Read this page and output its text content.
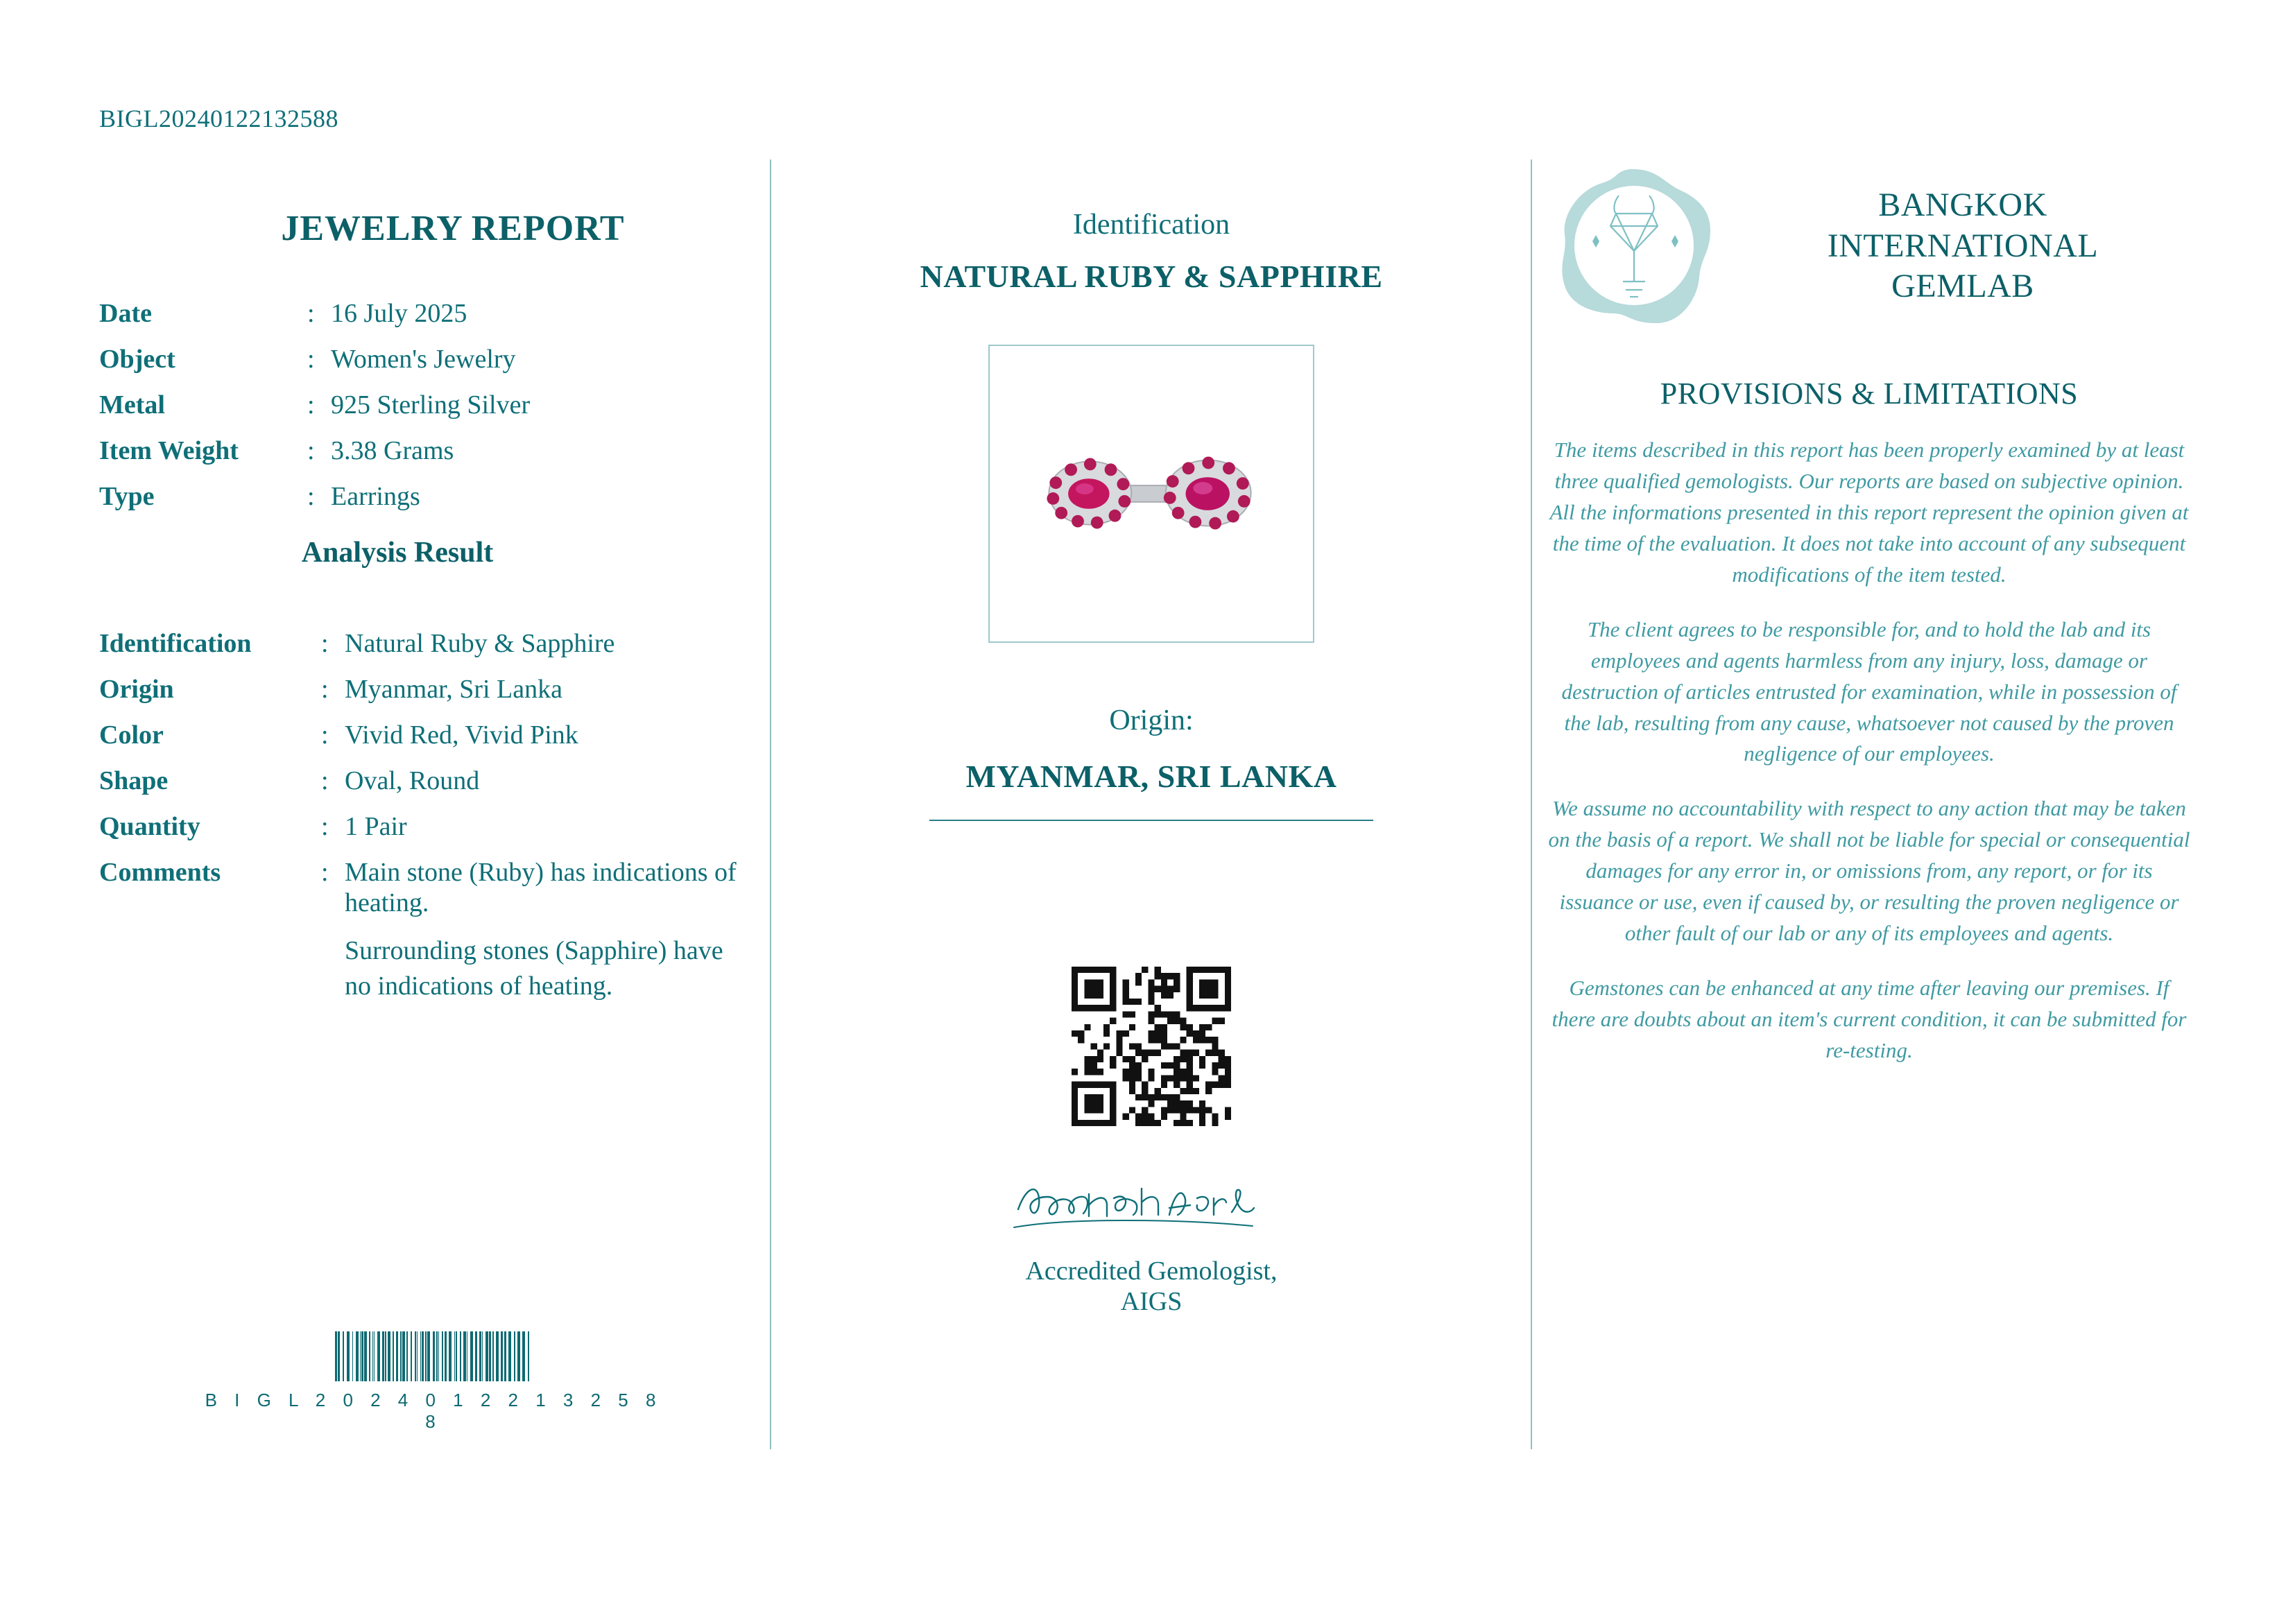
BIGL20240122132588
JEWELRY REPORT
Date	:	16 July 2025
Object	:	Women's Jewelry
Metal	:	925 Sterling Silver
Item Weight	:	3.38 Grams
Type	:	Earrings
Analysis Result
Identification	:	Natural Ruby & Sapphire
Origin	:	Myanmar, Sri Lanka
Color	:	Vivid Red, Vivid Pink
Shape	:	Oval, Round
Quantity	:	1 Pair
Comments	:	Main stone (Ruby) has indications of heating.
		Surrounding stones (Sapphire) have no indications of heating.
B I G L 2 0 2 4 0 1 2 2 1 3 2 5 8 8
Identification
NATURAL RUBY & SAPPHIRE
Origin:
MYANMAR, SRI LANKA
Accredited Gemologist, AIGS
BANGKOK
INTERNATIONAL
GEMLAB
PROVISIONS & LIMITATIONS

The items described in this report has been properly examined by at least three qualified gemologists. Our reports are based on subjective opinion. All the informations presented in this report represent the opinion given at the time of the evaluation. It does not take into account of any subsequent modifications of the item tested.

The client agrees to be responsible for, and to hold the lab and its employees and agents harmless from any injury, loss, damage or destruction of articles entrusted for examination, while in possession of the lab, resulting from any cause, whatsoever not caused by the proven negligence of our employees.

We assume no accountability with respect to any action that may be taken on the basis of a report. We shall not be liable for special or consequential damages for any error in, or omissions from, any report, or for its issuance or use, even if caused by, or resulting the proven negligence or other fault of our lab or any of its employees and agents.

Gemstones can be enhanced at any time after leaving our premises. If there are doubts about an item's current condition, it can be submitted for re-testing.
